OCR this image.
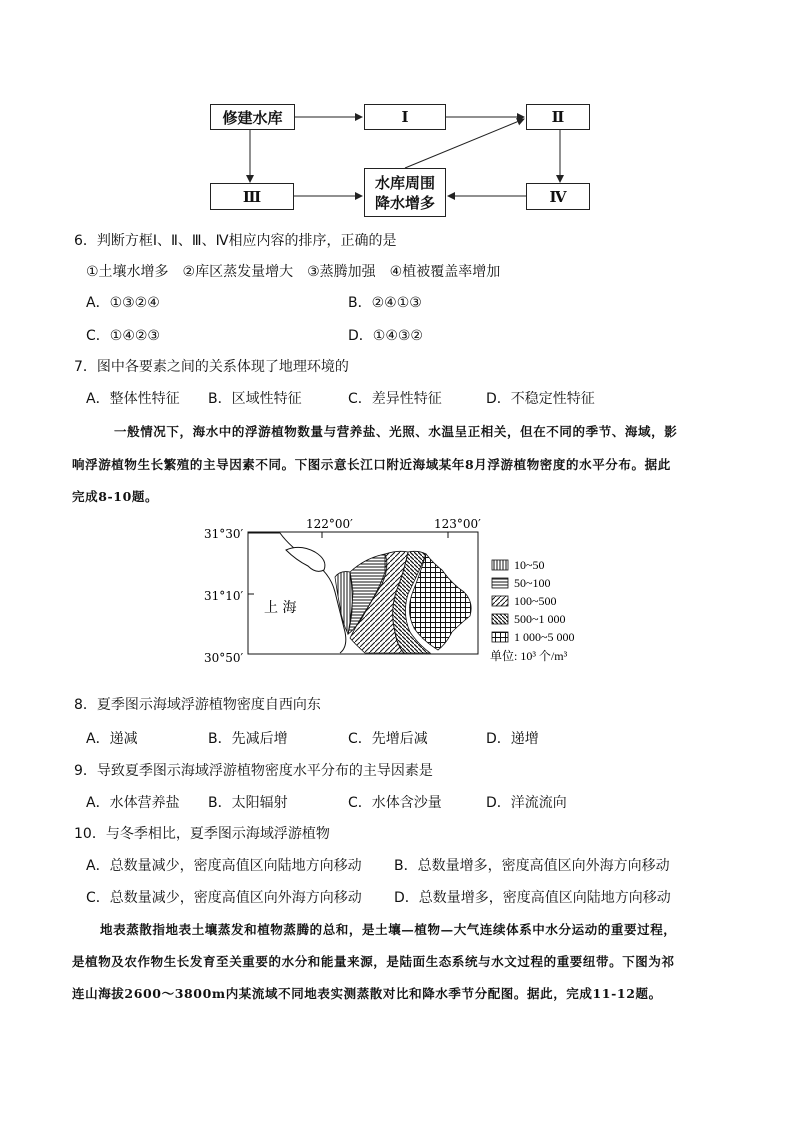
修建水库	Ⅰ	Ⅱ
Ⅲ
水库周围
降水增多	Ⅳ
6．判断方框Ⅰ、Ⅱ、Ⅲ、Ⅳ相应内容的排序，正确的是
①土壤水增多　②库区蒸发量增大　③蒸腾加强　④植被覆盖率增加
A．①③②④	B．②④①③
C．①④②③	D．①④③②
7．图中各要素之间的关系体现了地理环境的
A．整体性特征 B．区域性特征	C．差异性特征	D．不稳定性特征
一般情况下，海水中的浮游植物数量与营养盐、光照、水温呈正相关，但在不同的季节、海域，影
响浮游植物生长繁殖的主导因素不同。下图示意长江口附近海域某年8月浮游植物密度的水平分布。据此
完成8-10题。
31°30′
31°10′
30°50′
122°00′	123°00′
上 海
10~50
50~100
100~500
500~1 000
1 000~5 000
单位: 10³ 个/m³
8．夏季图示海域浮游植物密度自西向东
A．递减	B．先减后增	C．先增后减	D．递增
9．导致夏季图示海域浮游植物密度水平分布的主导因素是
A．水体营养盐 B．太阳辐射	C．水体含沙量	D．洋流流向
10．与冬季相比，夏季图示海域浮游植物
A．总数量减少，密度高值区向陆地方向移动 B．总数量增多，密度高值区向外海方向移动
C．总数量减少，密度高值区向外海方向移动 D．总数量增多，密度高值区向陆地方向移动
地表蒸散指地表土壤蒸发和植物蒸腾的总和，是土壤—植物—大气连续体系中水分运动的重要过程，
是植物及农作物生长发育至关重要的水分和能量来源，是陆面生态系统与水文过程的重要纽带。下图为祁
连山海拔2600～3800m内某流域不同地表实测蒸散对比和降水季节分配图。据此，完成11-12题。
